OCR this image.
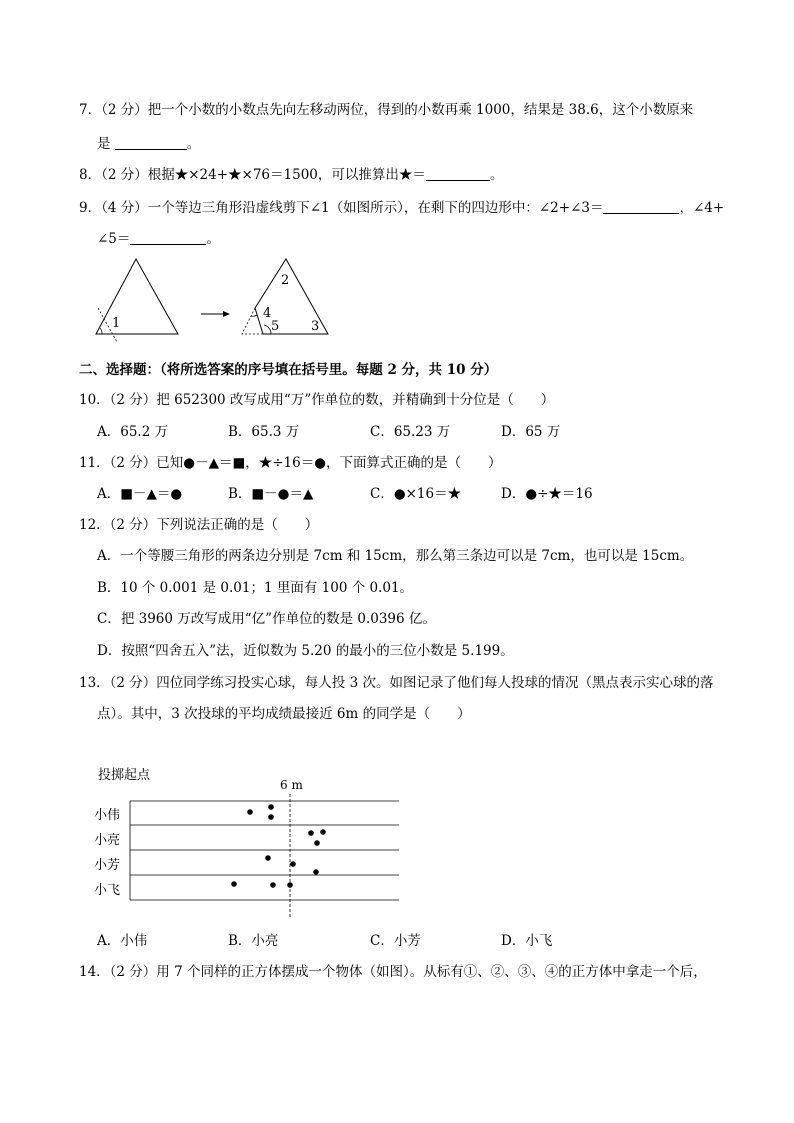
7．（2 分）把一个小数的小数点先向左移动两位，得到的小数再乘 1000，结果是 38.6，这个小数原来
是	。
8．（2 分）根据★×24+★×76＝1500，可以推算出★＝	。
9．（4 分）一个等边三角形沿虚线剪下∠1（如图所示），在剩下的四边形中：∠2+∠3＝	，∠4+
∠5＝	。
1
2
4
5 3
二、选择题：（将所选答案的序号填在括号里。每题 2 分，共 10 分）
10．（2 分）把 652300 改写成用“万”作单位的数，并精确到十分位是（　　）
A．65.2 万	B．65.3 万	C．65.23 万	D．65 万
11．（2 分）已知●－▲＝■，★÷16＝●，下面算式正确的是（　　）
A．■－▲＝●	B．■－●＝▲	C．●×16＝★	D．●÷★＝16
12．（2 分）下列说法正确的是（　　）
A．一个等腰三角形的两条边分别是 7cm 和 15cm，那么第三条边可以是 7cm，也可以是 15cm。
B．10 个 0.001 是 0.01；1 里面有 100 个 0.01。
C．把 3960 万改写成用“亿”作单位的数是 0.0396 亿。
D．按照“四舍五入”法，近似数为 5.20 的最小的三位小数是 5.199。
13．（2 分）四位同学练习投实心球，每人投 3 次。如图记录了他们每人投球的情况（黑点表示实心球的落
点）。其中，3 次投球的平均成绩最接近 6m 的同学是（　　）
投掷起点
6 m
小伟
小亮
小芳
小飞
A．小伟	B．小亮	C．小芳	D．小飞
14．（2 分）用 7 个同样的正方体摆成一个物体（如图）。从标有①、②、③、④的正方体中拿走一个后，
